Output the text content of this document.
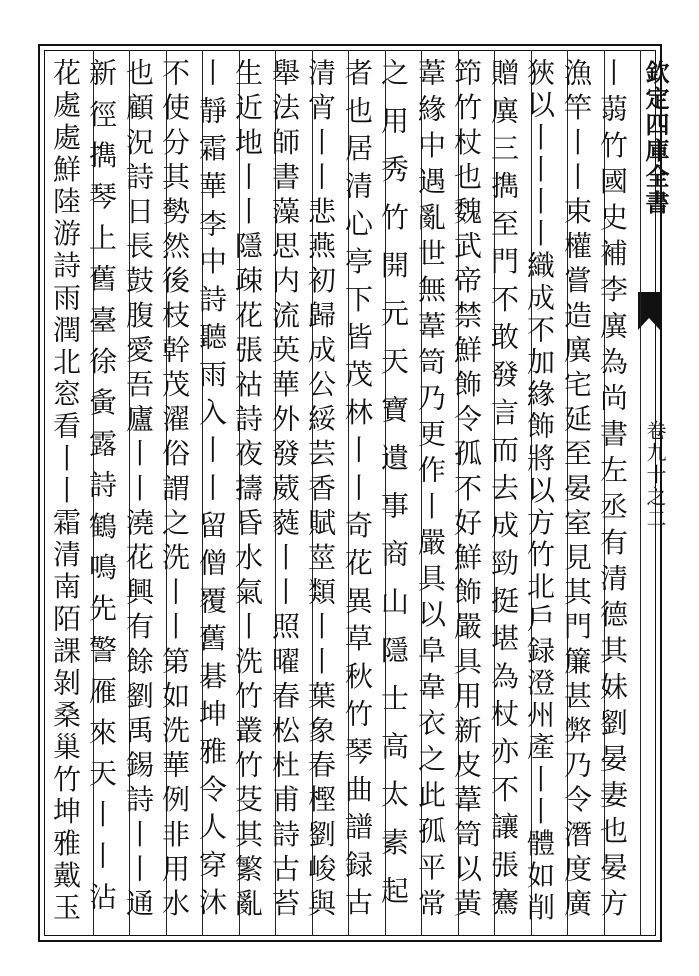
欽定四庫全書
卷九十之二
丨蒻竹國史補李廙為尚書左丞有清德其妹劉晏妻也晏方
漁竿丨丨束權嘗造廙宅延至晏室見其門簾甚弊乃令潛度廣
狹以丨丨丨丨織成不加緣飾將以方竹北戶録澄州產丨丨體如削
贈廙三擕至門不敢發言而去成勁挺堪為杖亦不讓張騫
笻竹杖也魏武帝禁鮮飾令孤不好鮮飾嚴具用新皮葦笥以黃
葦緣中遇亂世無葦笥乃更作丨嚴具以阜韋衣之此孤平常
之用秀竹開元天寶遺事商山隱士高太素起
者也居清心亭下皆茂林丨丨奇花異草秋竹琴曲譜録古
清宵丨丨悲燕初歸成公綏芸香賦莖類丨丨葉象春樫劉峻與
舉法師書藻思内流英華外發葳蕤丨丨照曜春松杜甫詩古苔
生近地丨丨隱疎花張祜詩夜擣昏水氣丨洗竹叢竹芟其繁亂
丨靜霜華李中詩聽雨入丨丨留僧覆舊碁坤雅令人穿沐
不使分其勢然後枝幹茂濯俗謂之洗丨丨第如洗華例非用水
也顧況詩日長鼓腹愛吾廬丨丨澆花興有餘劉禹錫詩丨丨通
新徑擕琴上舊臺徐夤露詩鶴鳴先警雁來天丨丨沾
花處處鮮陸游詩雨潤北窓看丨丨霜清南陌課剝桑巢竹坤雅戴玉
